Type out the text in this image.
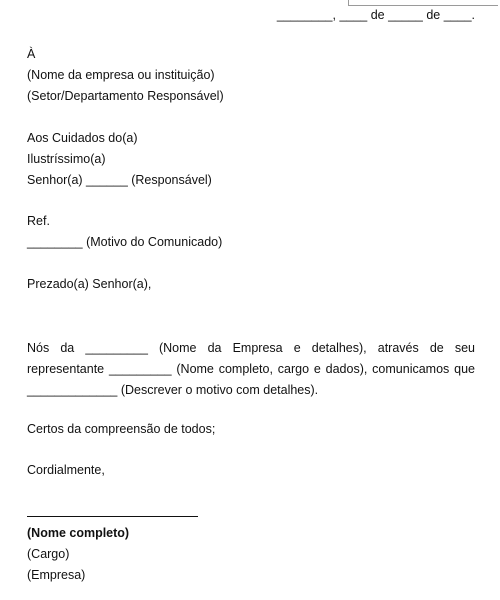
________, ____ de _____ de ____.
À
(Nome da empresa ou instituição)
(Setor/Departamento Responsável)
Aos Cuidados do(a)
Ilustríssimo(a)
Senhor(a) ______ (Responsável)
Ref.
________ (Motivo do Comunicado)
Prezado(a) Senhor(a),
Nós da _________ (Nome da Empresa e detalhes), através de seu representante _________ (Nome completo, cargo e dados), comunicamos que _____________ (Descrever o motivo com detalhes).
Certos da compreensão de todos;
Cordialmente,
(Nome completo)
(Cargo)
(Empresa)
